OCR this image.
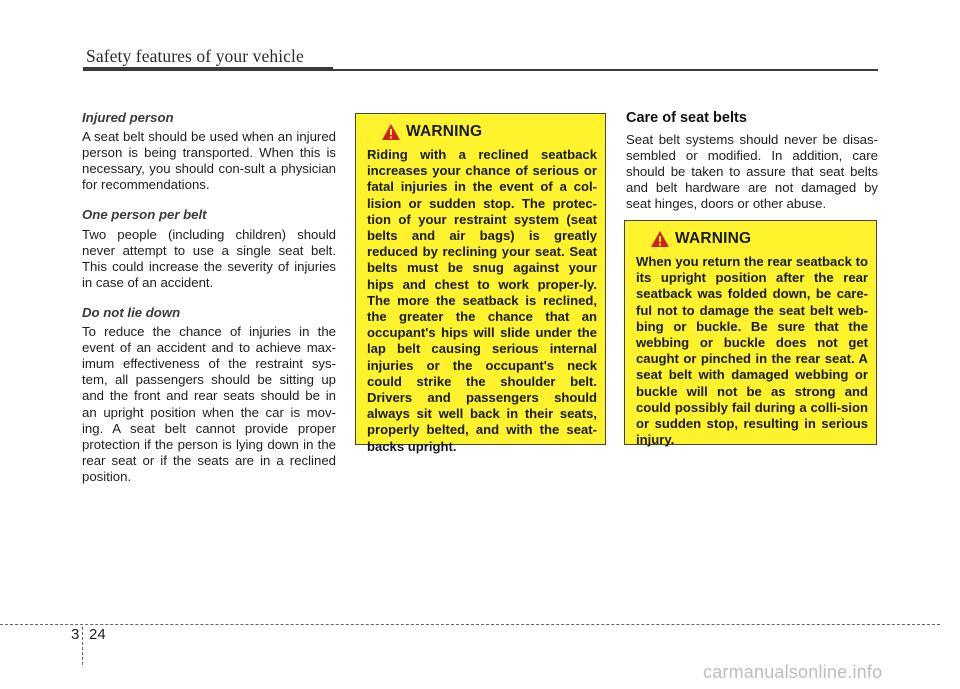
Safety features of your vehicle
Injured person

A seat belt should be used when an injured person is being transported. When this is necessary, you should con-sult a physician for recommendations.

One person per belt

Two people (including children) should never attempt to use a single seat belt. This could increase the severity of injuries in case of an accident.

Do not lie down

To reduce the chance of injuries in the event of an accident and to achieve max-imum effectiveness of the restraint sys-tem, all passengers should be sitting up and the front and rear seats should be in an upright position when the car is mov-ing. A seat belt cannot provide proper protection if the person is lying down in the rear seat or if the seats are in a reclined position.

WARNING

Riding with a reclined seatback increases your chance of serious or fatal injuries in the event of a col-lision or sudden stop. The protec-tion of your restraint system (seat belts and air bags) is greatly reduced by reclining your seat. Seat belts must be snug against your hips and chest to work proper-ly. The more the seatback is reclined, the greater the chance that an occupant's hips will slide under the lap belt causing serious internal injuries or the occupant's neck could strike the shoulder belt. Drivers and passengers should always sit well back in their seats, properly belted, and with the seat-backs upright.

Care of seat belts

Seat belt systems should never be disas-sembled or modified. In addition, care should be taken to assure that seat belts and belt hardware are not damaged by seat hinges, doors or other abuse.

WARNING

When you return the rear seatback to its upright position after the rear seatback was folded down, be care-ful not to damage the seat belt web-bing or buckle. Be sure that the webbing or buckle does not get caught or pinched in the rear seat. A seat belt with damaged webbing or buckle will not be as strong and could possibly fail during a colli-sion or sudden stop, resulting in serious injury.

3 24
carmanualsonline.info
